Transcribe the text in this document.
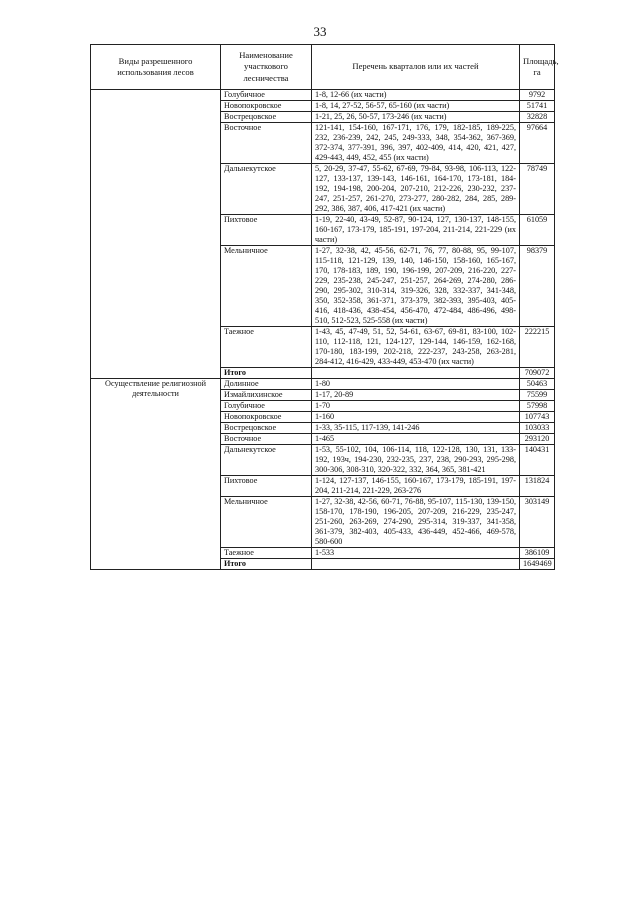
33
Виды разрешенного использования лесов	Наименование участкового лесничества	Перечень кварталов или их частей	Площадь, га
	Голубичное	1-8, 12-66 (их части)	9792
	Новопокровское	1-8, 14, 27-52, 56-57, 65-160 (их части)	51741
	Вострецовское	1-21, 25, 26, 50-57, 173-246 (их части)	32828
	Восточное	121-141, 154-160, 167-171, 176, 179, 182-185, 189-225, 232, 236-239, 242, 245, 249-333, 348, 354-362, 367-369, 372-374, 377-391, 396, 397, 402-409, 414, 420, 421, 427, 429-443, 449, 452, 455 (их части)	97664
	Дальнекутское	5, 20-29, 37-47, 55-62, 67-69, 79-84, 93-98, 106-113, 122-127, 133-137, 139-143, 146-161, 164-170, 173-181, 184-192, 194-198, 200-204, 207-210, 212-226, 230-232, 237-247, 251-257, 261-270, 273-277, 280-282, 284, 285, 289-292, 386, 387, 406, 417-421 (их части)	78749
	Пихтовое	1-19, 22-40, 43-49, 52-87, 90-124, 127, 130-137, 148-155, 160-167, 173-179, 185-191, 197-204, 211-214, 221-229 (их части)	61059
	Мельничное	1-27, 32-38, 42, 45-56, 62-71, 76, 77, 80-88, 95, 99-107, 115-118, 121-129, 139, 140, 146-150, 158-160, 165-167, 170, 178-183, 189, 190, 196-199, 207-209, 216-220, 227-229, 235-238, 245-247, 251-257, 264-269, 274-280, 286-290, 295-302, 310-314, 319-326, 328, 332-337, 341-348, 350, 352-358, 361-371, 373-379, 382-393, 395-403, 405-416, 418-436, 438-454, 456-470, 472-484, 486-496, 498-510, 512-523, 525-558 (их части)	98379
	Таежное	1-43, 45, 47-49, 51, 52, 54-61, 63-67, 69-81, 83-100, 102-110, 112-118, 121, 124-127, 129-144, 146-159, 162-168, 170-180, 183-199, 202-218, 222-237, 243-258, 263-281, 284-412, 416-429, 433-449, 453-470 (их части)	222215
	Итого		709072
Осуществление религиозной деятельности	Долинное	1-80	50463
	Измайлихинское	1-17, 20-89	75599
	Голубичное	1-70	57998
	Новопокровское	1-160	107743
	Вострецовское	1-33, 35-115, 117-139, 141-246	103033
	Восточное	1-465	293120
	Дальнекутское	1-53, 55-102, 104, 106-114, 118, 122-128, 130, 131, 133-192, 193ч, 194-230, 232-235, 237, 238, 290-293, 295-298, 300-306, 308-310, 320-322, 332, 364, 365, 381-421	140431
	Пихтовое	1-124, 127-137, 146-155, 160-167, 173-179, 185-191, 197-204, 211-214, 221-229, 263-276	131824
	Мельничное	1-27, 32-38, 42-56, 60-71, 76-88, 95-107, 115-130, 139-150, 158-170, 178-190, 196-205, 207-209, 216-229, 235-247, 251-260, 263-269, 274-290, 295-314, 319-337, 341-358, 361-379, 382-403, 405-433, 436-449, 452-466, 469-578, 580-600	303149
	Таежное	1-533	386109
	Итого		1649469
